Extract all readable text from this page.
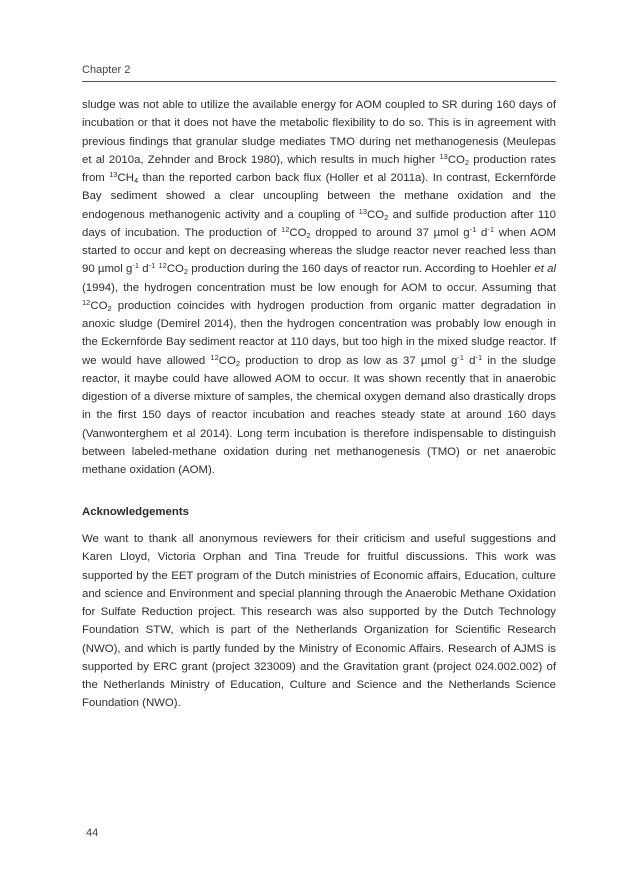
Chapter 2

sludge was not able to utilize the available energy for AOM coupled to SR during 160 days of incubation or that it does not have the metabolic flexibility to do so. This is in agreement with previous findings that granular sludge mediates TMO during net methanogenesis (Meulepas et al 2010a, Zehnder and Brock 1980), which results in much higher $^{13}CO_2$ production rates from $^{13}CH_4$ than the reported carbon back flux (Holler et al 2011a). In contrast, Eckernförde Bay sediment showed a clear uncoupling between the methane oxidation and the endogenous methanogenic activity and a coupling of $^{13}CO_2$ and sulfide production after 110 days of incubation. The production of $^{12}CO_2$ dropped to around 37 µmol $g^{-1}$ $d^{-1}$ when AOM started to occur and kept on decreasing whereas the sludge reactor never reached less than 90 µmol $g^{-1}$ $d^{-1}$ $^{12}CO_2$ production during the 160 days of reactor run. According to Hoehler et al (1994), the hydrogen concentration must be low enough for AOM to occur. Assuming that $^{12}CO_2$ production coincides with hydrogen production from organic matter degradation in anoxic sludge (Demirel 2014), then the hydrogen concentration was probably low enough in the Eckernförde Bay sediment reactor at 110 days, but too high in the mixed sludge reactor. If we would have allowed $^{12}CO_2$ production to drop as low as 37 µmol $g^{-1}$ $d^{-1}$ in the sludge reactor, it maybe could have allowed AOM to occur. It was shown recently that in anaerobic digestion of a diverse mixture of samples, the chemical oxygen demand also drastically drops in the first 150 days of reactor incubation and reaches steady state at around 160 days (Vanwonterghem et al 2014). Long term incubation is therefore indispensable to distinguish between labeled-methane oxidation during net methanogenesis (TMO) or net anaerobic methane oxidation (AOM).

Acknowledgements

We want to thank all anonymous reviewers for their criticism and useful suggestions and Karen Lloyd, Victoria Orphan and Tina Treude for fruitful discussions. This work was supported by the EET program of the Dutch ministries of Economic affairs, Education, culture and science and Environment and special planning through the Anaerobic Methane Oxidation for Sulfate Reduction project. This research was also supported by the Dutch Technology Foundation STW, which is part of the Netherlands Organization for Scientific Research (NWO), and which is partly funded by the Ministry of Economic Affairs. Research of AJMS is supported by ERC grant (project 323009) and the Gravitation grant (project 024.002.002) of the Netherlands Ministry of Education, Culture and Science and the Netherlands Science Foundation (NWO).

44
